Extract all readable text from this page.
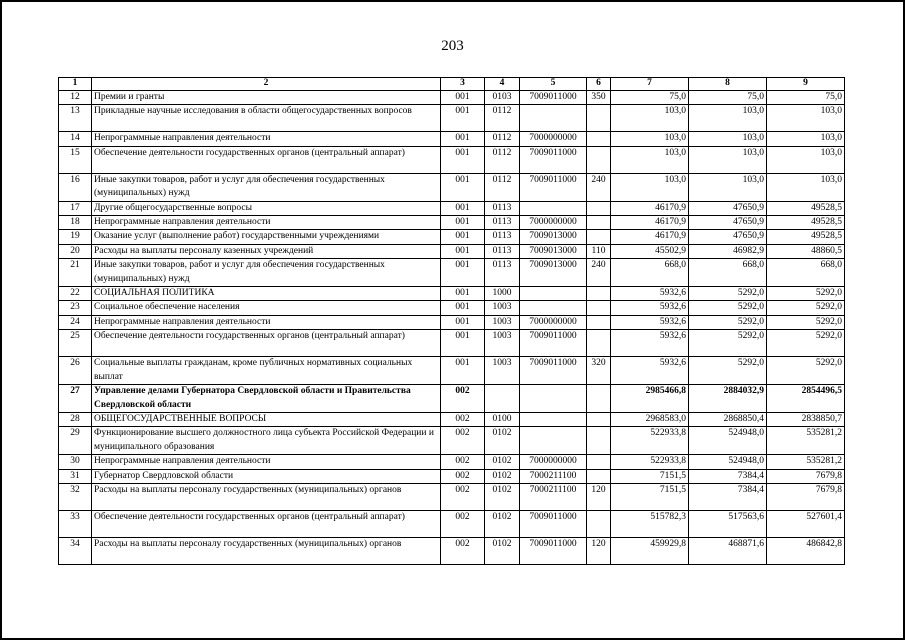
203
1	2	3	4	5	6	7	8	9
12	Премии и гранты	001	0103	7009011000	350	75,0	75,0	75,0
13	Прикладные научные исследования в области общегосударственных вопросов	001	0112			103,0	103,0	103,0
14	Непрограммные направления деятельности	001	0112	7000000000		103,0	103,0	103,0
15	Обеспечение деятельности государственных органов (центральный аппарат)	001	0112	7009011000		103,0	103,0	103,0
16	Иные закупки товаров, работ и услуг для обеспечения государственных (муниципальных) нужд	001	0112	7009011000	240	103,0	103,0	103,0
17	Другие общегосударственные вопросы	001	0113			46170,9	47650,9	49528,5
18	Непрограммные направления деятельности	001	0113	7000000000		46170,9	47650,9	49528,5
19	Оказание услуг (выполнение работ) государственными учреждениями	001	0113	7009013000		46170,9	47650,9	49528,5
20	Расходы на выплаты персоналу казенных учреждений	001	0113	7009013000	110	45502,9	46982,9	48860,5
21	Иные закупки товаров, работ и услуг для обеспечения государственных (муниципальных) нужд	001	0113	7009013000	240	668,0	668,0	668,0
22	СОЦИАЛЬНАЯ ПОЛИТИКА	001	1000			5932,6	5292,0	5292,0
23	Социальное обеспечение населения	001	1003			5932,6	5292,0	5292,0
24	Непрограммные направления деятельности	001	1003	7000000000		5932,6	5292,0	5292,0
25	Обеспечение деятельности государственных органов (центральный аппарат)	001	1003	7009011000		5932,6	5292,0	5292,0
26	Социальные выплаты гражданам, кроме публичных нормативных социальных выплат	001	1003	7009011000	320	5932,6	5292,0	5292,0
27	Управление делами Губернатора Свердловской области и Правительства Свердловской области	002				2985466,8	2884032,9	2854496,5
28	ОБЩЕГОСУДАРСТВЕННЫЕ ВОПРОСЫ	002	0100			2968583,0	2868850,4	2838850,7
29	Функционирование высшего должностного лица субъекта Российской Федерации и муниципального образования	002	0102			522933,8	524948,0	535281,2
30	Непрограммные направления деятельности	002	0102	7000000000		522933,8	524948,0	535281,2
31	Губернатор Свердловской области	002	0102	7000211100		7151,5	7384,4	7679,8
32	Расходы на выплаты персоналу государственных (муниципальных) органов	002	0102	7000211100	120	7151,5	7384,4	7679,8
33	Обеспечение деятельности государственных органов (центральный аппарат)	002	0102	7009011000		515782,3	517563,6	527601,4
34	Расходы на выплаты персоналу государственных (муниципальных) органов	002	0102	7009011000	120	459929,8	468871,6	486842,8
